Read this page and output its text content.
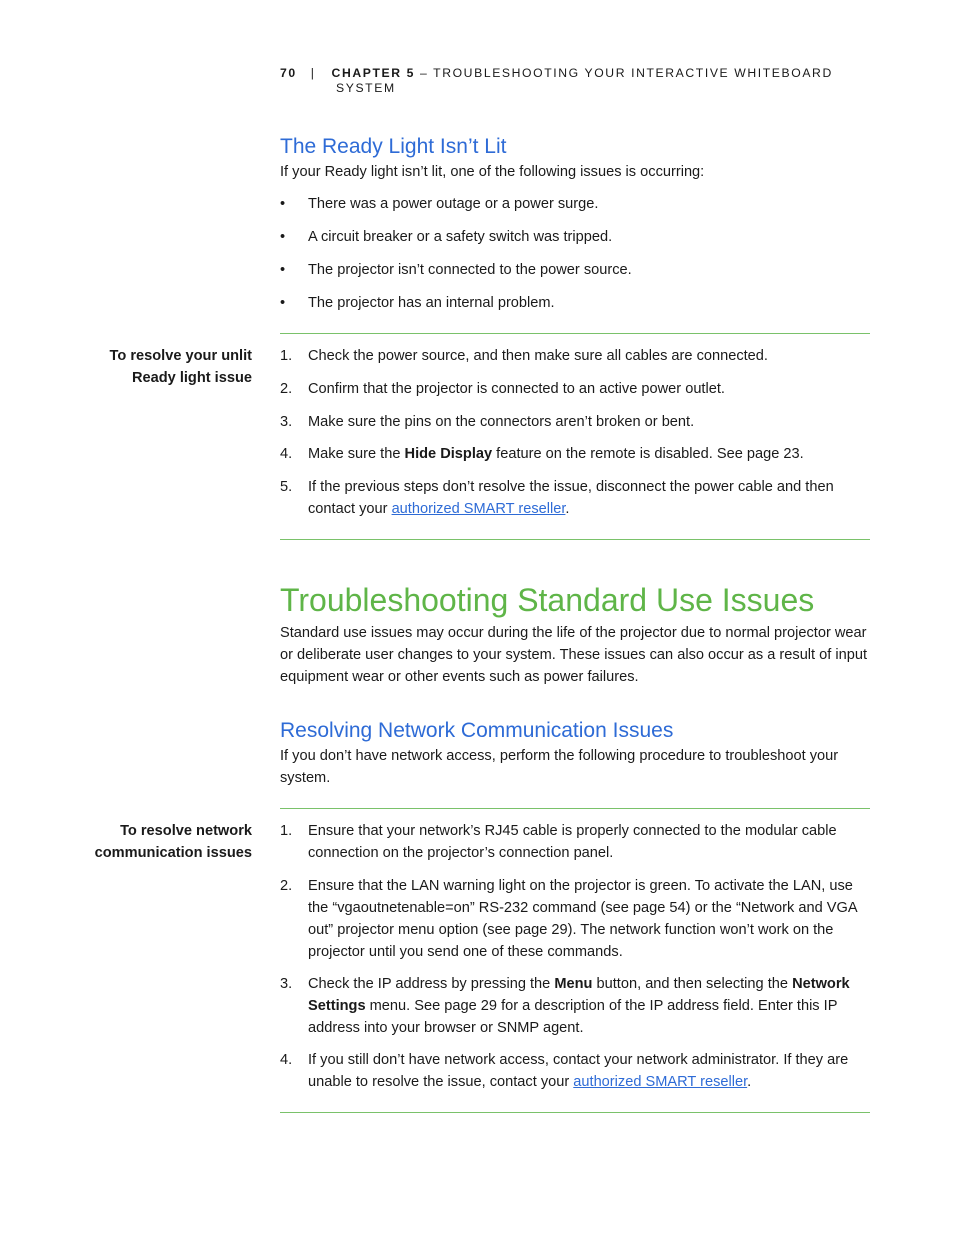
70 | CHAPTER 5 – TROUBLESHOOTING YOUR INTERACTIVE WHITEBOARD
SYSTEM
The Ready Light Isn’t Lit
If your Ready light isn’t lit, one of the following issues is occurring:
• There was a power outage or a power surge.
• A circuit breaker or a safety switch was tripped.
• The projector isn’t connected to the power source.
• The projector has an internal problem.
To resolve your unlit
Ready light issue
1. Check the power source, and then make sure all cables are connected.
2. Confirm that the projector is connected to an active power outlet.
3. Make sure the pins on the connectors aren’t broken or bent.
4. Make sure the Hide Display feature on the remote is disabled. See page 23.
5. If the previous steps don’t resolve the issue, disconnect the power cable and then contact your authorized SMART reseller.
Troubleshooting Standard Use Issues
Standard use issues may occur during the life of the projector due to normal projector wear or deliberate user changes to your system. These issues can also occur as a result of input equipment wear or other events such as power failures.
Resolving Network Communication Issues
If you don’t have network access, perform the following procedure to troubleshoot your system.
To resolve network
communication issues
1. Ensure that your network’s RJ45 cable is properly connected to the modular cable connection on the projector’s connection panel.
2. Ensure that the LAN warning light on the projector is green. To activate the LAN, use the “vgaoutnetenable=on” RS-232 command (see page 54) or the “Network and VGA out” projector menu option (see page 29). The network function won’t work on the projector until you send one of these commands.
3. Check the IP address by pressing the Menu button, and then selecting the Network Settings menu. See page 29 for a description of the IP address field. Enter this IP address into your browser or SNMP agent.
4. If you still don’t have network access, contact your network administrator. If they are unable to resolve the issue, contact your authorized SMART reseller.
